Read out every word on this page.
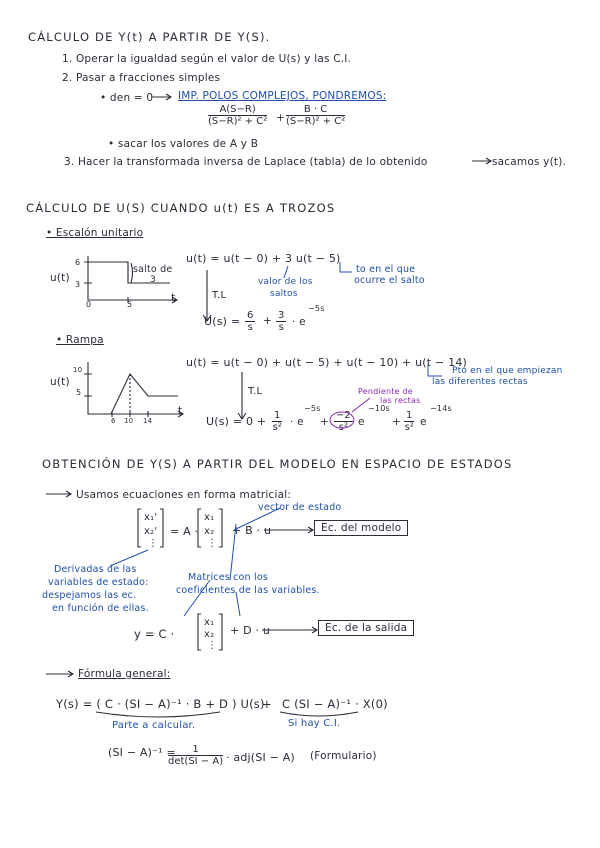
CÁLCULO DE Y(t) A PARTIR DE Y(S).
1. Operar la igualdad según el valor de U(s) y las C.I.
2. Pasar a fracciones simples
• den = 0 IMP. POLOS COMPLEJOS, PONDREMOS:
$\frac{A(S-R)}{\text{(S−R)² + C²}} + \frac{B \cdot C}{\text{(S−R)² + C²}}$
• sacar los valores de A y B
3. Hacer la transformada inversa de Laplace (tabla) de lo obtenido	sacamos y(t).
CÁLCULO DE U(S) CUANDO u(t) ES A TROZOS
• Escalón unitario
u(t)
6
3
0	5
t
salto de
3
u(t) = u(t − 0) + 3 u(t − 5)
to en el que
ocurre el salto
valor de los
saltos
T.L
$U(s) = \frac{6}{s} + \frac{3}{s} \cdot e$
−5s
• Rampa
u(t)
10
5
6 10 14
t
u(t) = u(t − 0) + u(t − 5) + u(t − 10) + u(t − 14)
Pto en el que empiezan
las diferentes rectas
T.L	Pendiente de
las rectas
$U(s) = 0 + \frac{1}{\text{s²}} \cdot e$
−5s
+ $\frac{-2}{\text{s²}}$ e
−10s
+ $\frac{1}{\text{s²}}$ e
−14s
OBTENCIÓN DE Y(S) A PARTIR DEL MODELO EN ESPACIO DE ESTADOS
Usamos ecuaciones en forma matricial:
vector de estado
x₁'
x₂'
⋮
= A ·
x₁
x₂
⋮
+ B · u	Ec. del modelo
Derivadas de las
variables de estado:
despejamos las ec.
en función de ellas.
Matrices con los
coeficientes de las variables.
y = C ·
x₁
x₂
⋮
+ D · u	Ec. de la salida
Fórmula general:
Y(s) = ( C · (SI − A)⁻¹ · B + D ) U(s)
+ C (SI − A)⁻¹ · X(0)
Parte a calcular.	Si hay C.I.
(SI − A)⁻¹ =	1
det(SI − A) · adj(SI − A) (Formulario)
